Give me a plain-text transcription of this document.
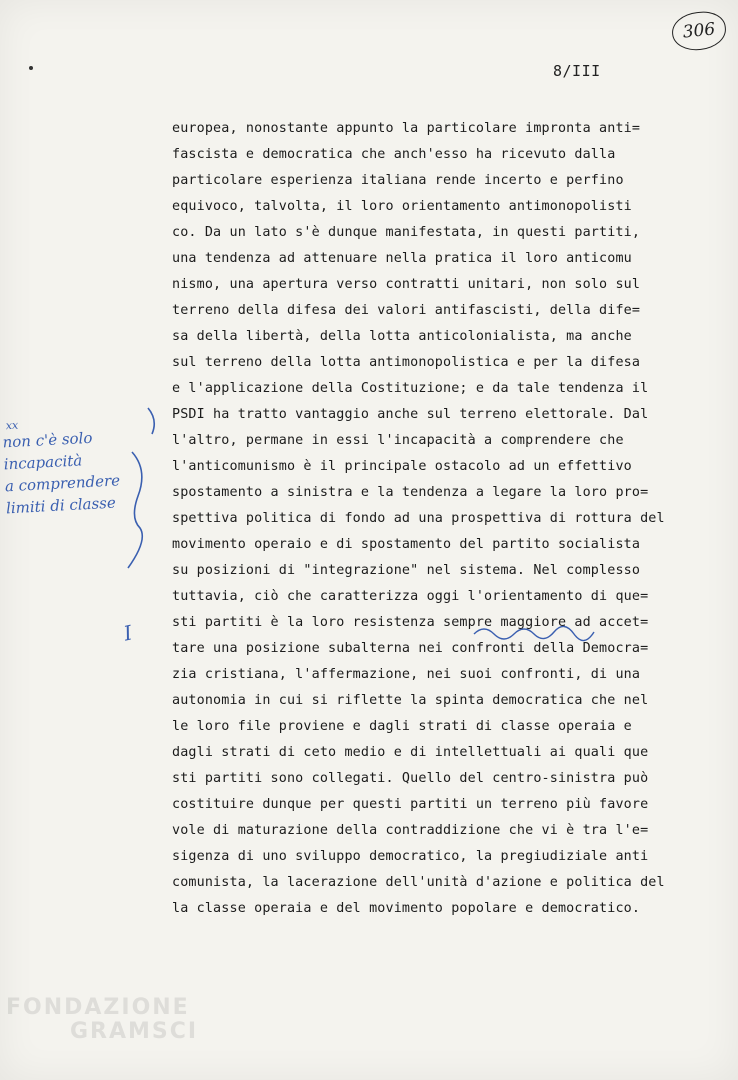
306
8/III
europea, nonostante appunto la particolare impronta anti=
fascista e democratica che anch'esso ha ricevuto dalla
particolare esperienza italiana rende incerto e perfino
equivoco, talvolta, il loro orientamento antimonopolisti
co. Da un lato s'è dunque manifestata, in questi partiti,
una tendenza ad attenuare nella pratica il loro anticomu
nismo, una apertura verso contratti unitari, non solo sul
terreno della difesa dei valori antifascisti, della dife=
sa della libertà, della lotta anticolonialista, ma anche
sul terreno della lotta antimonopolistica e per la difesa
e l'applicazione della Costituzione; e da tale tendenza il
PSDI ha tratto vantaggio anche sul terreno elettorale. Dal
l'altro, permane in essi l'incapacità a comprendere che
l'anticomunismo è il principale ostacolo ad un effettivo
spostamento a sinistra e la tendenza a legare la loro pro=
spettiva politica di fondo ad una prospettiva di rottura del
movimento operaio e di spostamento del partito socialista
su posizioni di "integrazione" nel sistema. Nel complesso
tuttavia, ciò che caratterizza oggi l'orientamento di que=
sti partiti è la loro resistenza sempre maggiore ad accet=
tare una posizione subalterna nei confronti della Democra=
zia cristiana, l'affermazione, nei suoi confronti, di una
autonomia in cui si riflette la spinta democratica che nel
le loro file proviene e dagli strati di classe operaia e
dagli strati di ceto medio e di intellettuali ai quali que
sti partiti sono collegati. Quello del centro-sinistra può
costituire dunque per questi partiti un terreno più favore
vole di maturazione della contraddizione che vi è tra l'e=
sigenza di uno sviluppo democratico, la pregiudiziale anti
comunista, la lacerazione dell'unità d'azione e politica del
la classe operaia e del movimento popolare e democratico.
xx
non c'è solo
incapacità
a comprendere
limiti di classe
I
FONDAZIONE
GRAMSCI
